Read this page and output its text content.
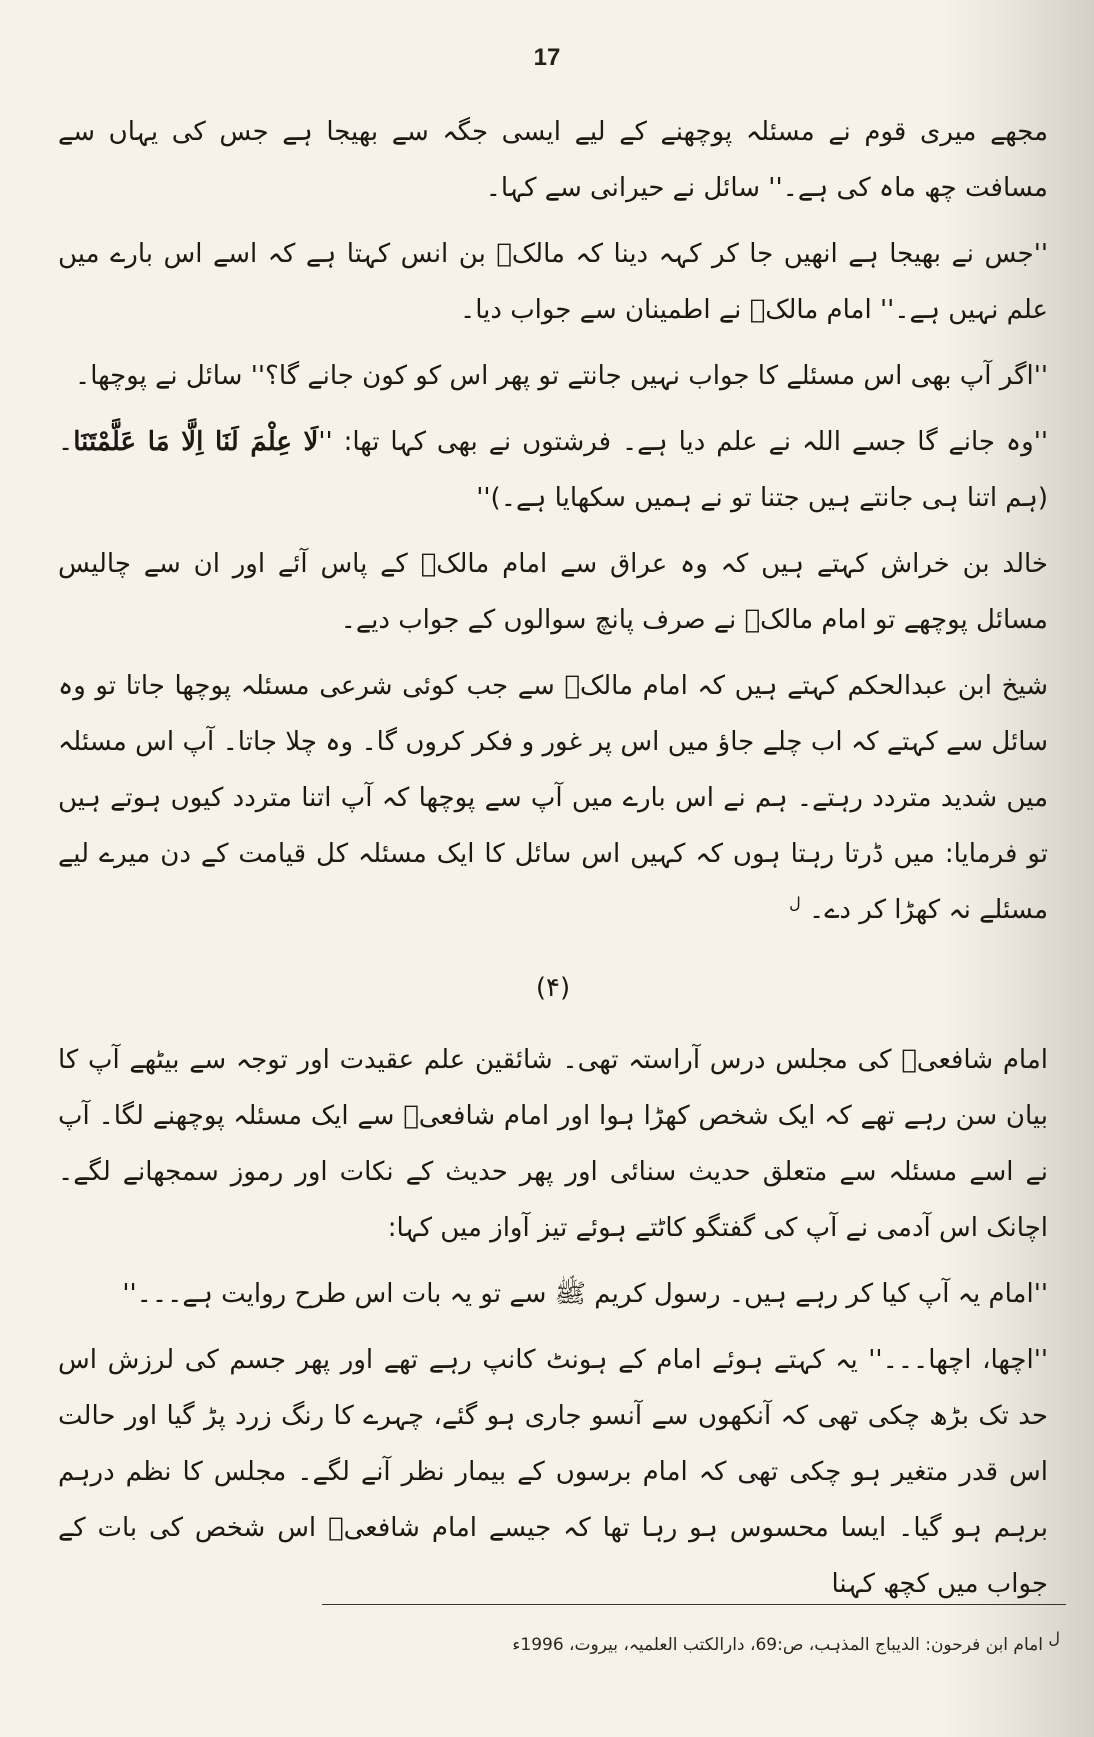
17

مجھے میری قوم نے مسئلہ پوچھنے کے لیے ایسی جگہ سے بھیجا ہے جس کی یہاں سے مسافت چھ ماہ کی ہے۔'' سائل نے حیرانی سے کہا۔

''جس نے بھیجا ہے انھیں جا کر کہہ دینا کہ مالکؒ بن انس کہتا ہے کہ اسے اس بارے میں علم نہیں ہے۔'' امام مالکؒ نے اطمینان سے جواب دیا۔

''اگر آپ بھی اس مسئلے کا جواب نہیں جانتے تو پھر اس کو کون جانے گا؟'' سائل نے پوچھا۔

''وہ جانے گا جسے اللہ نے علم دیا ہے۔ فرشتوں نے بھی کہا تھا: ''لَا عِلْمَ لَنَا اِلَّا مَا عَلَّمْتَنَا۔ (ہم اتنا ہی جانتے ہیں جتنا تو نے ہمیں سکھایا ہے۔)''

خالد بن خراش کہتے ہیں کہ وہ عراق سے امام مالکؒ کے پاس آئے اور ان سے چالیس مسائل پوچھے تو امام مالکؒ نے صرف پانچ سوالوں کے جواب دیے۔

شیخ ابن عبدالحکم کہتے ہیں کہ امام مالکؒ سے جب کوئی شرعی مسئلہ پوچھا جاتا تو وہ سائل سے کہتے کہ اب چلے جاؤ میں اس پر غور و فکر کروں گا۔ وہ چلا جاتا۔ آپ اس مسئلہ میں شدید متردد رہتے۔ ہم نے اس بارے میں آپ سے پوچھا کہ آپ اتنا متردد کیوں ہوتے ہیں تو فرمایا: میں ڈرتا رہتا ہوں کہ کہیں اس سائل کا ایک مسئلہ کل قیامت کے دن میرے لیے مسئلے نہ کھڑا کر دے۔ $^ل$

(۴)

امام شافعیؒ کی مجلس درس آراستہ تھی۔ شائقین علم عقیدت اور توجہ سے بیٹھے آپ کا بیان سن رہے تھے کہ ایک شخص کھڑا ہوا اور امام شافعیؒ سے ایک مسئلہ پوچھنے لگا۔ آپ نے اسے مسئلہ سے متعلق حدیث سنائی اور پھر حدیث کے نکات اور رموز سمجھانے لگے۔ اچانک اس آدمی نے آپ کی گفتگو کاٹتے ہوئے تیز آواز میں کہا:

''امام یہ آپ کیا کر رہے ہیں۔ رسول کریم ﷺ سے تو یہ بات اس طرح روایت ہے۔۔۔''

''اچھا، اچھا۔۔۔'' یہ کہتے ہوئے امام کے ہونٹ کانپ رہے تھے اور پھر جسم کی لرزش اس حد تک بڑھ چکی تھی کہ آنکھوں سے آنسو جاری ہو گئے، چہرے کا رنگ زرد پڑ گیا اور حالت اس قدر متغیر ہو چکی تھی کہ امام برسوں کے بیمار نظر آنے لگے۔ مجلس کا نظم درہم برہم ہو گیا۔ ایسا محسوس ہو رہا تھا کہ جیسے امام شافعیؒ اس شخص کی بات کے جواب میں کچھ کہنا

ل امام ابن فرحون: الدیباج المذہب، ص:69، دارالکتب العلمیہ، بیروت، 1996ء
